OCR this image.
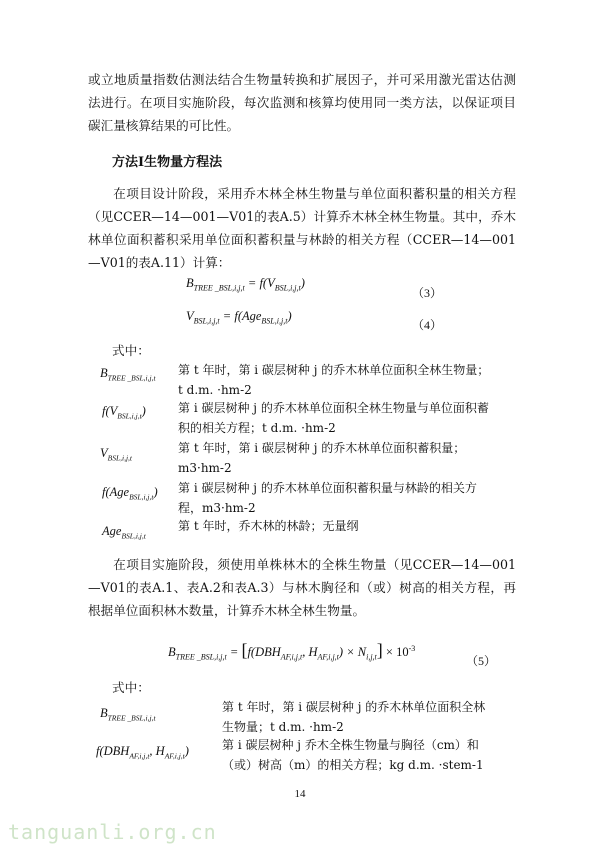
或立地质量指数估测法结合生物量转换和扩展因子，并可采用激光雷达估测法进行。在项目实施阶段，每次监测和核算均使用同一类方法，以保证项目碳汇量核算结果的可比性。

方法Ⅰ生物量方程法

在项目设计阶段，采用乔木林全林生物量与单位面积蓄积量的相关方程（见CCER—14—001—V01的表A.5）计算乔木林全林生物量。其中，乔木林单位面积蓄积采用单位面积蓄积量与林龄的相关方程（CCER—14—001—V01的表A.11）计算：

$B_{TREE \_BSL,i,j,t} = f(V_{BSL,i,j,t})$
（3）
$V_{BSL,i,j,t} = f(Age_{BSL,i,j,t})$
（4）

式中：

$B_{TREE \_BSL,i,j,t}$

第 t 年时，第 i 碳层树种 j 的乔木林单位面积全林生物量；t d.m. ·hm-2

$f(V_{BSL,i,j,t})$	第 i 碳层树种 j 的乔木林单位面积全林生物量与单位面积蓄积的相关方程；t d.m. ·hm-2

$V_{BSL,i,j,t}$

第 t 年时，第 i 碳层树种 j 的乔木林单位面积蓄积量；m3·hm-2

f(Age$_{BSL,i,j,t}$) 第 i 碳层树种 j 的乔木林单位面积蓄积量与林龄的相关方程，m3·hm-2

Age$_{BSL,i,j,t}$

第 t 年时，乔木林的林龄；无量纲

在项目实施阶段，须使用单株林木的全株生物量（见CCER—14—001—V01的表A.1、表A.2和表A.3）与林木胸径和（或）树高的相关方程，再根据单位面积林木数量，计算乔木林全林生物量。

$B_{TREE \_BSL,i,j,t} = [f(DBH_{AF,i,j,t}$, $H_{AF,i,j,t}) \times N_{i,j,t}] \times 10^{-3}$
（5）

式中：

$B_{TREE \_BSL,i,j,t}$

第 t 年时，第 i 碳层树种 j 的乔木林单位面积全林生物量；t d.m. ·hm-2

$f(DBH_{AF,i,j,t}$, $H_{AF,i,j,t}$)	第 i 碳层树种 j 乔木全株生物量与胸径（cm）和（或）树高（m）的相关方程；kg d.m. ·stem-1

14
tanguanli.org.cn
